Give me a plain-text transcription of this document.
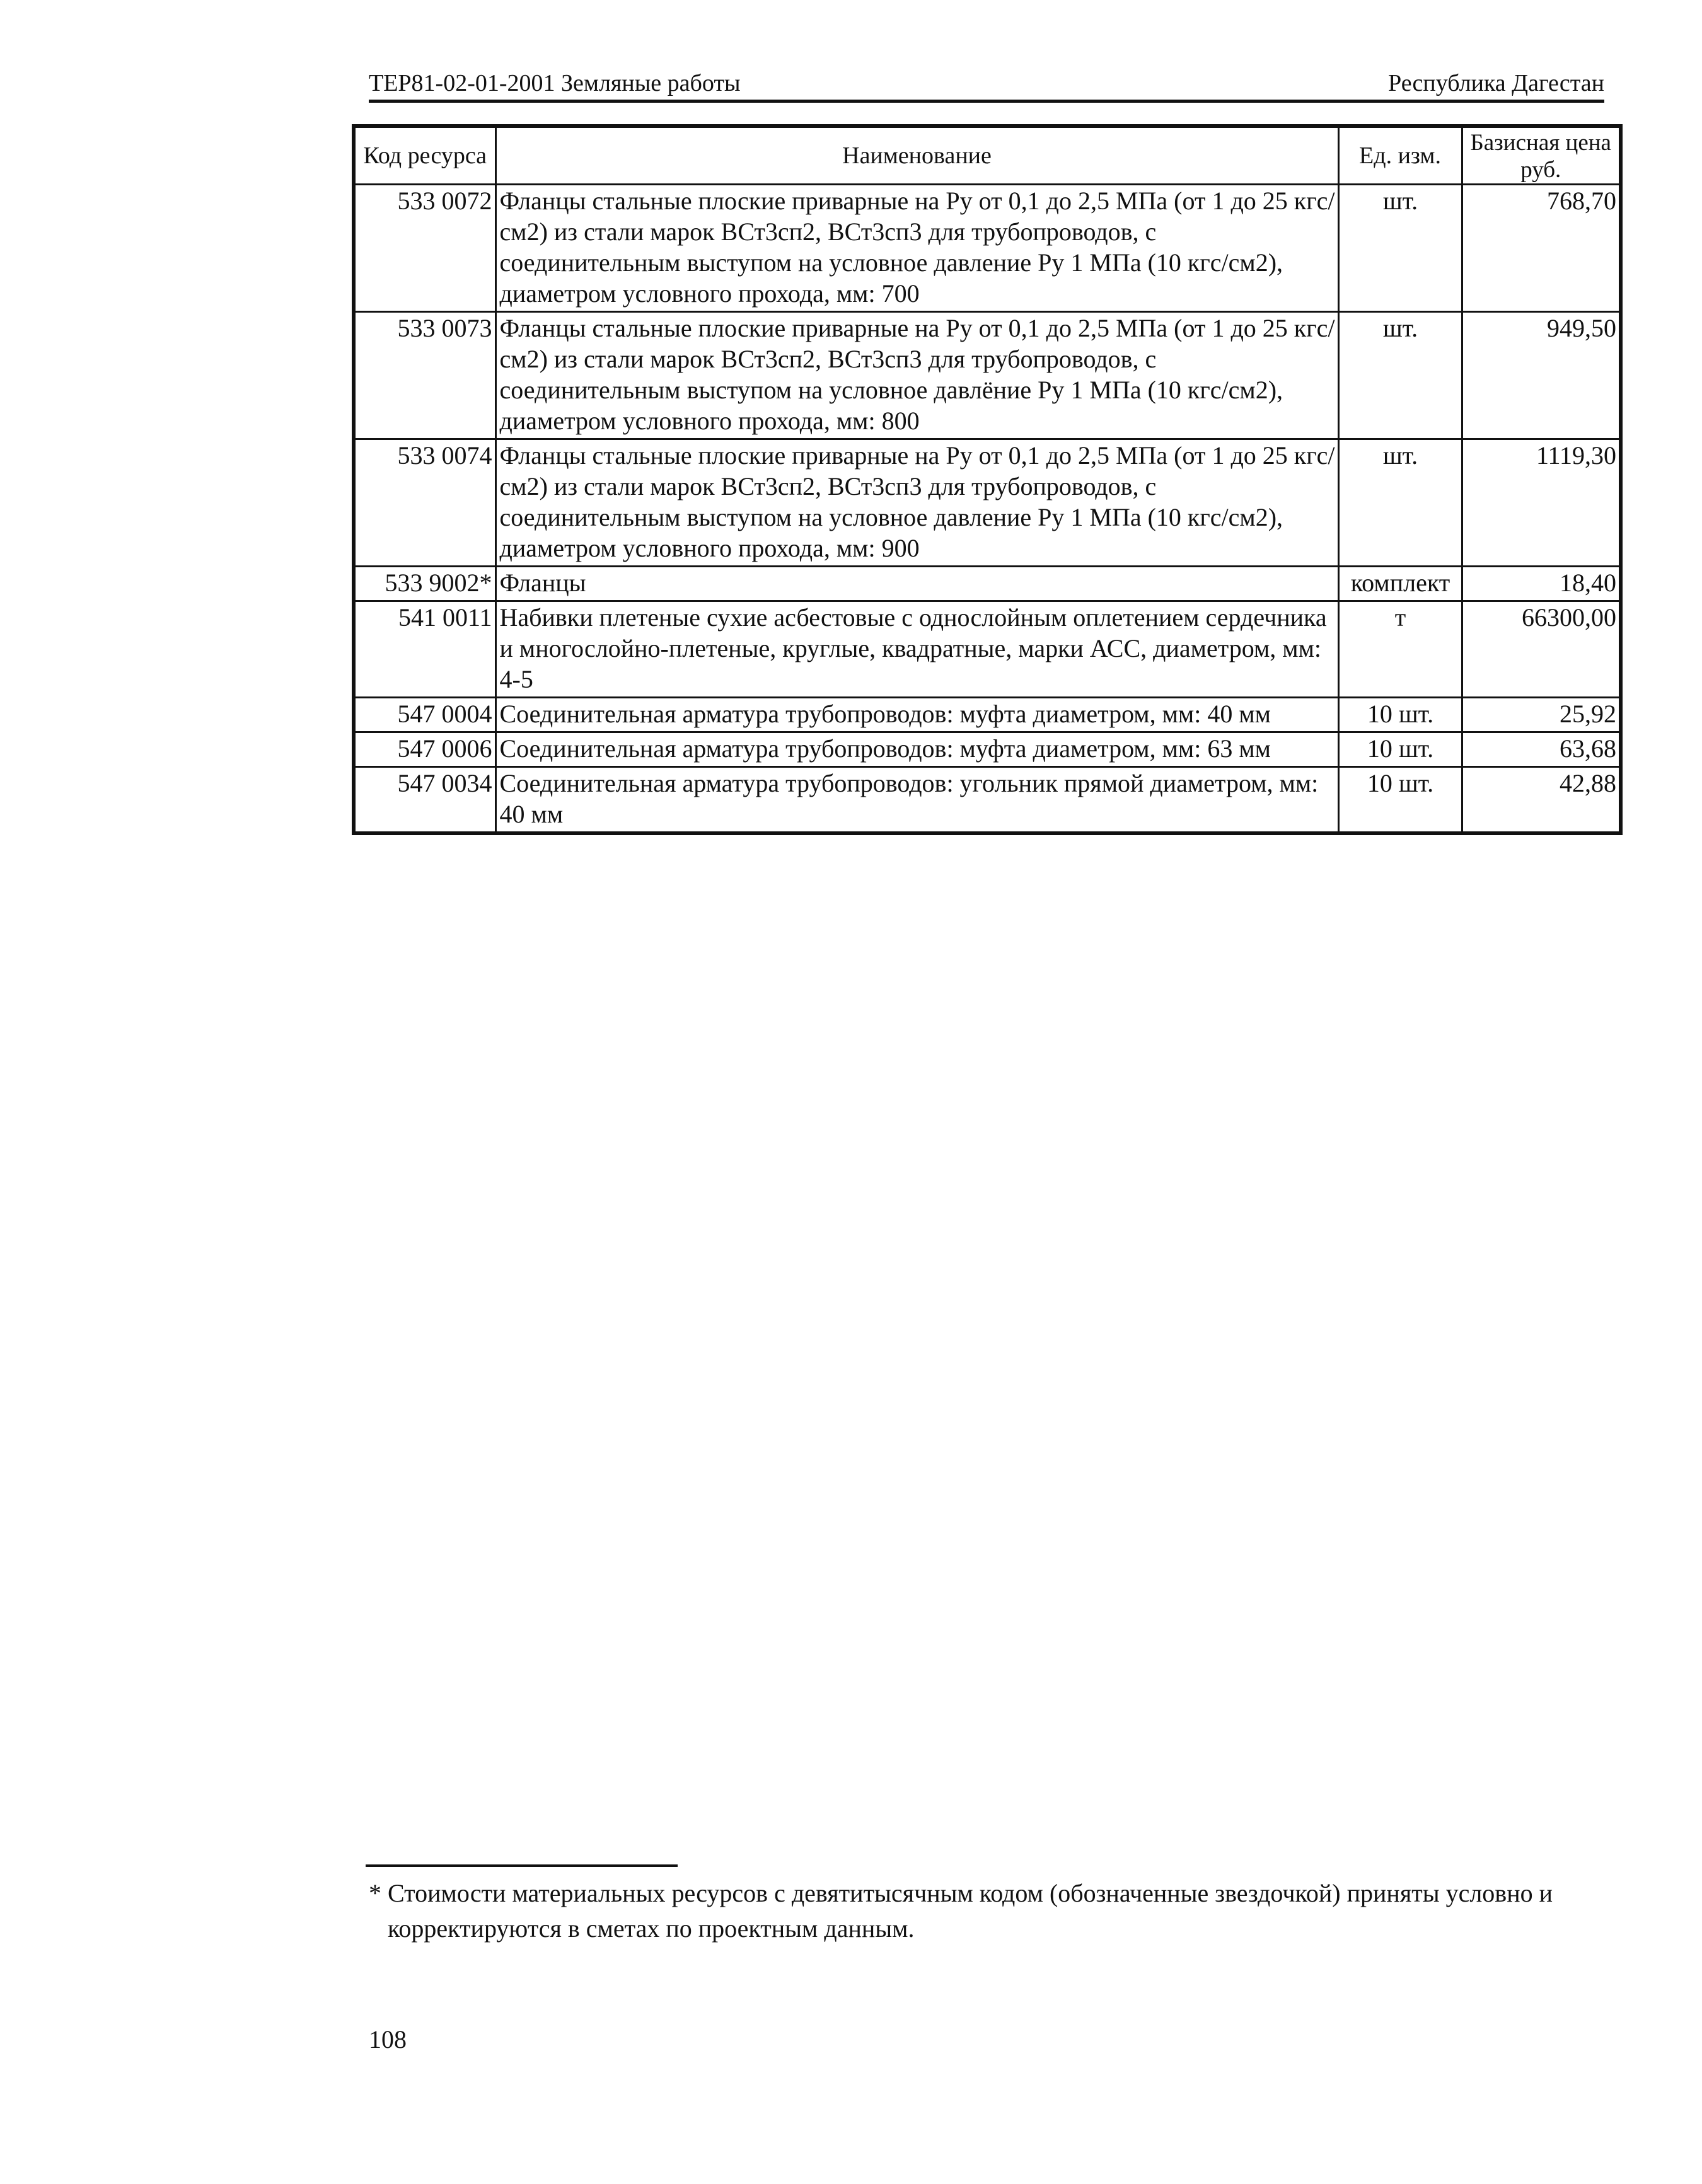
ТЕР81-02-01-2001 Земляные работы	Республика Дагестан
Код ресурса	Наименование	Ед. изм.	Базисная цена руб.
533 0072	Фланцы стальные плоские приварные на Ру от 0,1 до 2,5 МПа (от 1 до 25 кгс/см2) из стали марок ВСт3сп2, ВСт3сп3 для трубопроводов, с соединительным выступом на условное давление Ру 1 МПа (10 кгс/см2), диаметром условного прохода, мм: 700	шт.	768,70
533 0073	Фланцы стальные плоские приварные на Ру от 0,1 до 2,5 МПа (от 1 до 25 кгс/см2) из стали марок ВСт3сп2, ВСт3сп3 для трубопроводов, с соединительным выступом на условное давлёние Ру 1 МПа (10 кгс/см2), диаметром условного прохода, мм: 800	шт.	949,50
533 0074	Фланцы стальные плоские приварные на Ру от 0,1 до 2,5 МПа (от 1 до 25 кгс/см2) из стали марок ВСт3сп2, ВСт3сп3 для трубопроводов, с соединительным выступом на условное давление Ру 1 МПа (10 кгс/см2), диаметром условного прохода, мм: 900	шт.	1119,30
533 9002*	Фланцы	комплект	18,40
541 0011	Набивки плетеные сухие асбестовые с однослойным оплетением сердечника и многослойно-плетеные, круглые, квадратные, марки АСС, диаметром, мм: 4-5	т	66300,00
547 0004	Соединительная арматура трубопроводов: муфта диаметром, мм: 40 мм	10 шт.	25,92
547 0006	Соединительная арматура трубопроводов: муфта диаметром, мм: 63 мм	10 шт.	63,68
547 0034	Соединительная арматура трубопроводов: угольник прямой диаметром, мм: 40 мм	10 шт.	42,88
* Стоимости материальных ресурсов с девятитысячным кодом (обозначенные звездочкой) приняты условно и корректируются в сметах по проектным данным.
108
